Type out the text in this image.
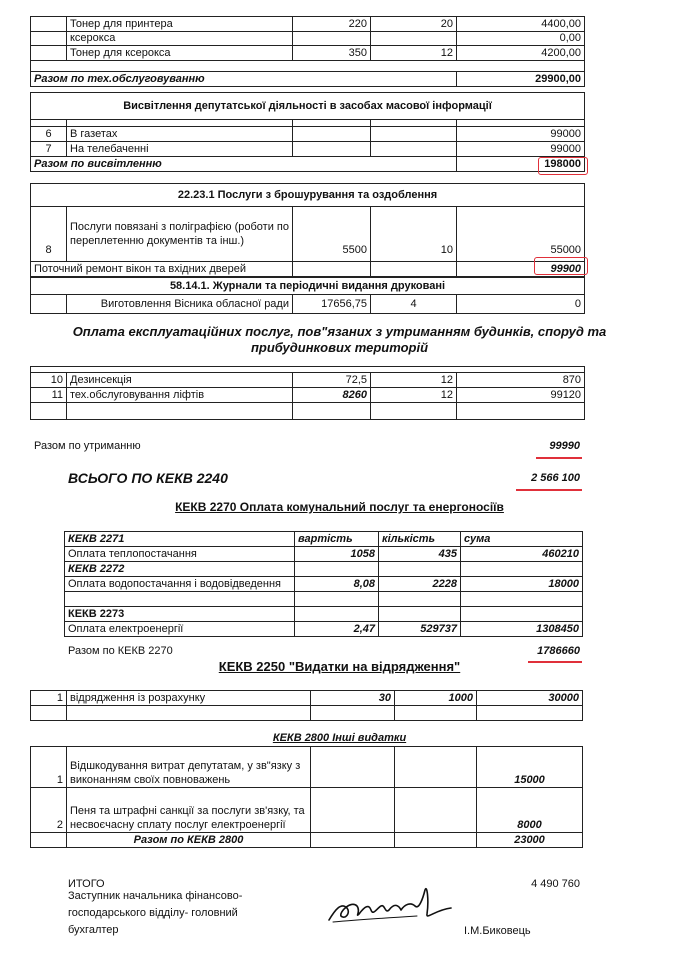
	Тонер для принтера	220	20	4400,00
	ксерокса			0,00
	Тонер для ксерокса	350	12	4200,00

Разом по тех.обслуговуванню				29900,00
Висвітлення депутатської діяльності в засобах масової інформації				

6	В газетах			99000
7	На телебаченні			99000
Разом по висвітленню				198000
22.23.1 Послуги з брошурування та оздоблення				
8	Послуги повязані з поліграфією (роботи по переплетенню документів та інш.)	5500	10	55000
Поточний ремонт вікон та вхідних дверей				99900
58.14.1. Журнали та періодичні видання друковані
	Виготовлення Вісника обласної ради	17656,75	4	0
Оплата експлуатаційних послуг, пов"язаних з утриманням будинків, споруд та
прибудинкових територій

10	Дезинсекція	72,5	12	870
11	тех.обслуговування ліфтів	8260	12	99120

Разом по утриманню	99990
ВСЬОГО ПО КЕКВ 2240	2 566 100
КЕКВ 2270 Оплата комунальний послуг та енергоносіїв
КЕКВ 2271	вартість	кількість	сума
Оплата теплопостачання	1058	435	460210
КЕКВ 2272			
Оплата водопостачання і водовідведення	8,08	2228	18000

КЕКВ 2273			
Оплата електроенергії	2,47	529737	1308450
Разом по КЕКВ 2270	1786660
КЕКВ 2250 "Видатки на відрядження"
1	відрядження із розрахунку	30	1000	30000

КЕКВ 2800 Інші видатки
1	Відшкодування витрат депутатам, у зв"язку з виконанням своїх повноважень			15000
2	Пеня та штрафні санкції за послуги зв'язку, та несвоєчасну сплату послуг електроенергії			8000
	Разом по КЕКВ 2800			23000
ИТОГО	4 490 760
Заступник начальника фінансово-
господарського відділу- головний
бухгалтер	І.М.Биковець
